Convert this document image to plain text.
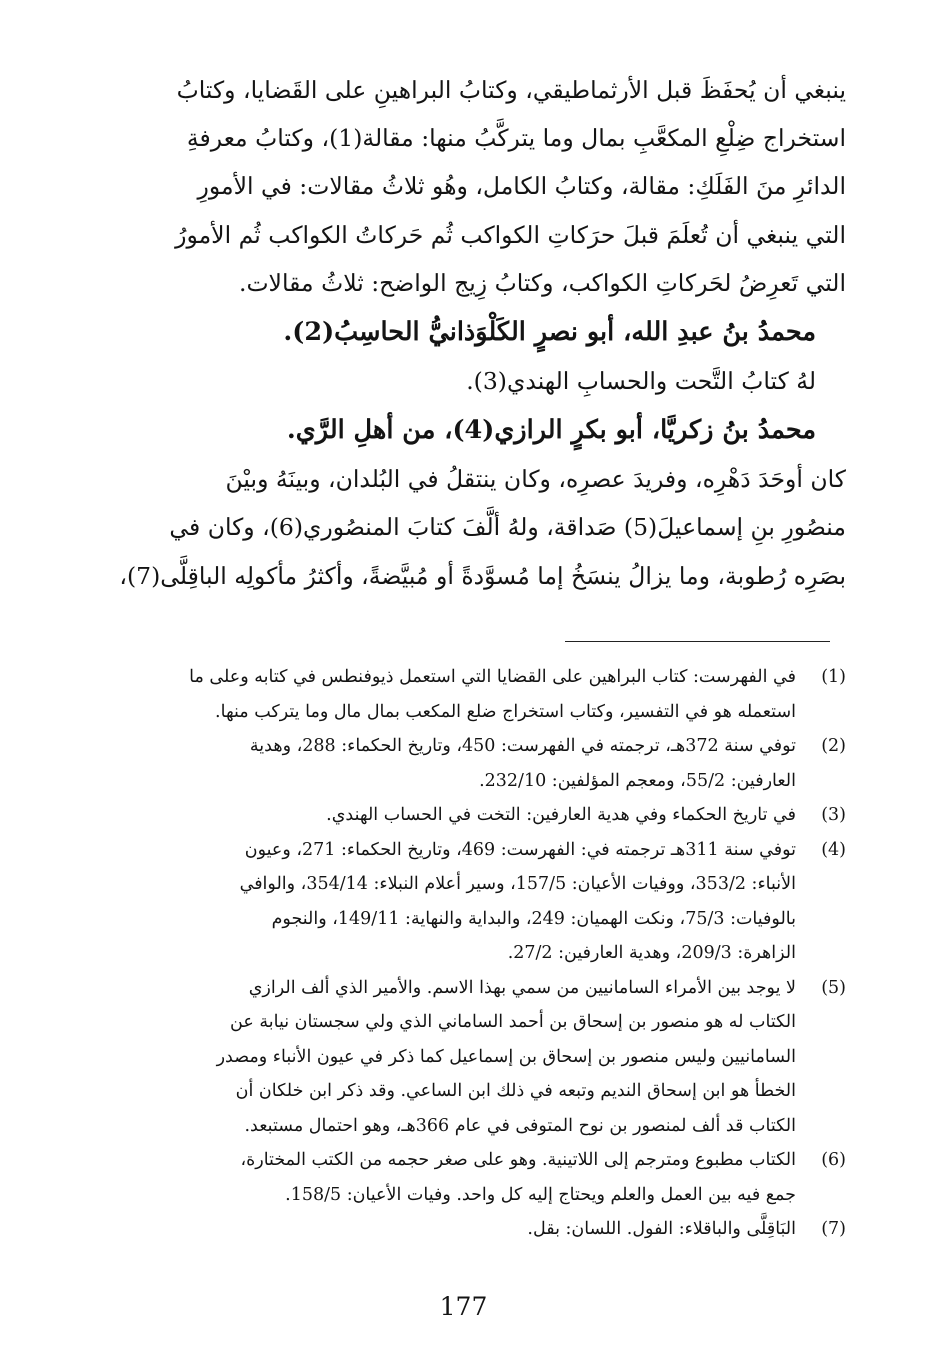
ينبغي أن يُحفَظَ قبل الأرثماطيقي، وكتابُ البراهينِ على القَضايا، وكتابُ
استخراج ضِلْعِ المكعَّبِ بمال وما يتركَّبُ منها: مقالة(1)، وكتابُ معرفةِ
الدائرِ منَ الفَلَكِ: مقالة، وكتابُ الكامل، وهُو ثلاثُ مقالات: في الأمورِ
التي ينبغي أن تُعلَمَ قبلَ حرَكاتِ الكواكب ثُم حَركاتُ الكواكب ثُم الأمورُ
التي تَعرِضُ لحَركاتِ الكواكب، وكتابُ زِيج الواضح: ثلاثُ مقالات.
محمدُ بنُ عبدِ الله، أبو نصرٍ الكَلْوَذانيُّ الحاسِبُ(2).
لهُ كتابُ التَّحت والحسابِ الهندي(3).
محمدُ بنُ زكريَّا، أبو بكرٍ الرازي(4)، من أهلِ الرَّي.
كان أوحَدَ دَهْرِه، وفريدَ عصرِه، وكان ينتقلُ في البُلدان، وبينَهُ وبيْنَ
منصُورِ بنِ إسماعيلَ(5) صَداقة، ولهُ ألَّفَ كتابَ المنصُوري(6)، وكان في
بصَرِه رُطوبة، وما يزالُ ينسَخُ إما مُسوَّدةً أو مُبيَّضةً، وأكثرُ مأكولِه الباقِلَّى(7)،
(1)
في الفهرست: كتاب البراهين على القضايا التي استعمل ذيوفنطس في كتابه وعلى ما
استعمله هو في التفسير، وكتاب استخراج ضلع المكعب بمال مال وما يتركب منها.
(2)
توفي سنة 372هـ، ترجمته في الفهرست: 450، وتاريخ الحكماء: 288، وهدية
العارفين: 55/2، ومعجم المؤلفين: 232/10.
(3)
في تاريخ الحكماء وفي هدية العارفين: التخت في الحساب الهندي.
(4)
توفي سنة 311هـ ترجمته في: الفهرست: 469، وتاريخ الحكماء: 271، وعيون
الأنباء: 353/2، ووفيات الأعيان: 157/5، وسير أعلام النبلاء: 354/14، والوافي
بالوفيات: 75/3، ونكت الهميان: 249، والبداية والنهاية: 149/11، والنجوم
الزاهرة: 209/3، وهدية العارفين: 27/2.
(5)
لا يوجد بين الأمراء السامانيين من سمي بهذا الاسم. والأمير الذي ألف الرازي
الكتاب له هو منصور بن إسحاق بن أحمد الساماني الذي ولي سجستان نيابة عن
السامانيين وليس منصور بن إسحاق بن إسماعيل كما ذكر في عيون الأنباء ومصدر
الخطأ هو ابن إسحاق النديم وتبعه في ذلك ابن الساعي. وقد ذكر ابن خلكان أن
الكتاب قد ألف لمنصور بن نوح المتوفى في عام 366هـ، وهو احتمال مستبعد.
(6)
الكتاب مطبوع ومترجم إلى اللاتينية. وهو على صغر حجمه من الكتب المختارة،
جمع فيه بين العمل والعلم ويحتاج إليه كل واحد. وفيات الأعيان: 158/5.
(7)
البَاقِلَّى والباقلاء: الفول. اللسان: بقل.
177
